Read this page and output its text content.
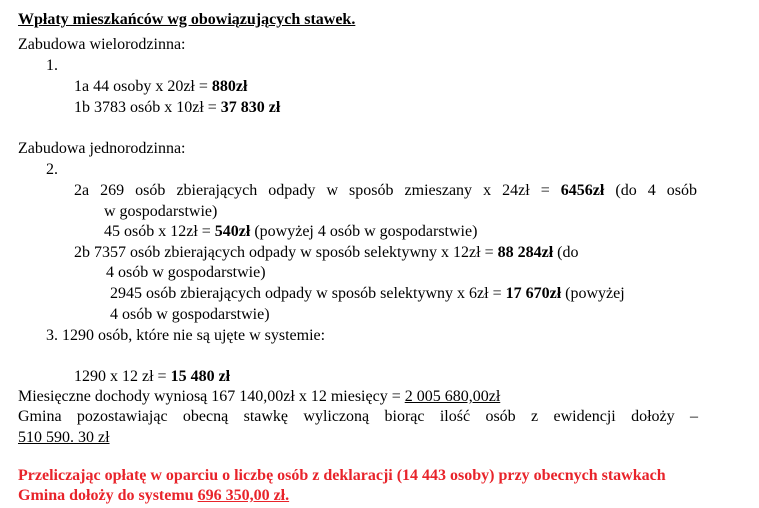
Wpłaty mieszkańców wg obowiązujących stawek.
Zabudowa wielorodzinna:
1.
1a 44 osoby x 20zł = 880zł
1b 3783 osób x 10zł = 37 830 zł
Zabudowa jednorodzinna:
2.
2a 269 osób zbierających odpady w sposób zmieszany x 24zł = 6456zł (do 4 osób
w gospodarstwie)
45 osób x 12zł = 540zł (powyżej 4 osób w gospodarstwie)
2b 7357 osób zbierających odpady w sposób selektywny x 12zł = 88 284zł (do
4 osób w gospodarstwie)
2945 osób zbierających odpady w sposób selektywny x 6zł = 17 670zł (powyżej
4 osób w gospodarstwie)
3. 1290 osób, które nie są ujęte w systemie:
1290 x 12 zł = 15 480 zł
Miesięczne dochody wyniosą 167 140,00zł x 12 miesięcy = 2 005 680,00zł
Gmina pozostawiając obecną stawkę wyliczoną biorąc ilość osób z ewidencji dołoży –
510 590. 30 zł
Przeliczając opłatę w oparciu o liczbę osób z deklaracji (14 443 osoby) przy obecnych stawkach
Gmina dołoży do systemu 696 350,00 zł.
